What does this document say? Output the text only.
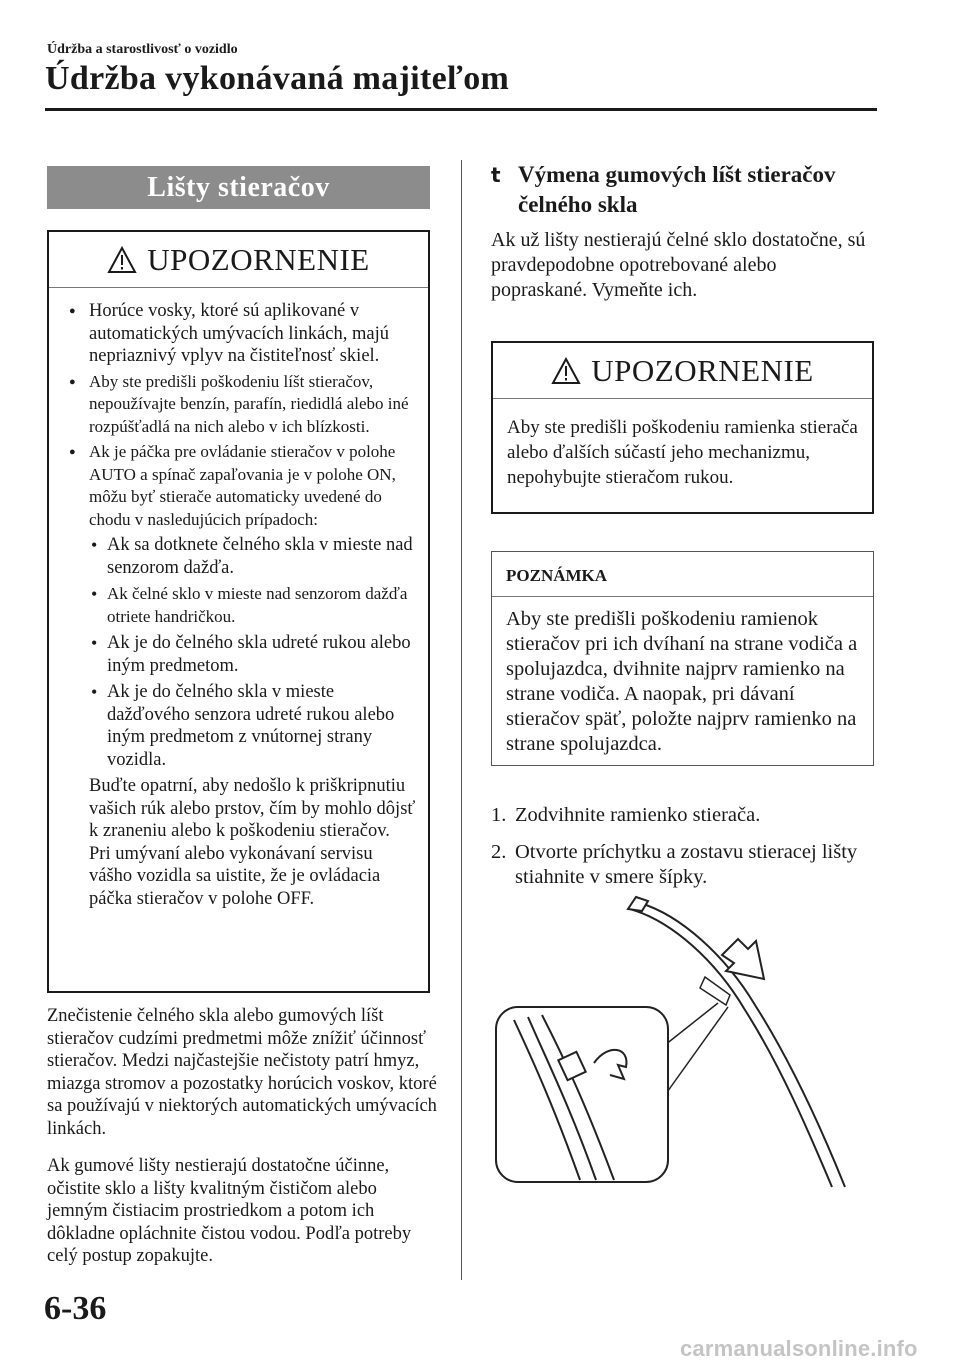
Údržba a starostlivosť o vozidlo
Údržba vykonávaná majiteľom
Lišty stieračov
UPOZORNENIE
● Horúce vosky, ktoré sú aplikované v automatických umývacích linkách, majú nepriaznivý vplyv na čistiteľnosť skiel.
● Aby ste predišli poškodeniu líšt stieračov, nepoužívajte benzín, parafín, riedidlá alebo iné rozpúšťadlá na nich alebo v ich blízkosti.
● Ak je páčka pre ovládanie stieračov v polohe AUTO a spínač zapaľovania je v polohe ON, môžu byť stierače automaticky uvedené do chodu v nasledujúcich prípadoch:
• Ak sa dotknete čelného skla v mieste nad senzorom dažďa.
• Ak čelné sklo v mieste nad senzorom dažďa otriete handričkou.
• Ak je do čelného skla udreté rukou alebo iným predmetom.
• Ak je do čelného skla v mieste dažďového senzora udreté rukou alebo iným predmetom z vnútornej strany vozidla.
Buďte opatrní, aby nedošlo k priškripnutiu vašich rúk alebo prstov, čím by mohlo dôjsť k zraneniu alebo k poškodeniu stieračov. Pri umývaní alebo vykonávaní servisu vášho vozidla sa uistite, že je ovládacia páčka stieračov v polohe OFF.
Znečistenie čelného skla alebo gumových líšt stieračov cudzími predmetmi môže znížiť účinnosť stieračov. Medzi najčastejšie nečistoty patrí hmyz, miazga stromov a pozostatky horúcich voskov, ktoré sa používajú v niektorých automatických umývacích linkách.
Ak gumové lišty nestierajú dostatočne účinne, očistite sklo a lišty kvalitným čističom alebo jemným čistiacim prostriedkom a potom ich dôkladne opláchnite čistou vodou. Podľa potreby celý postup zopakujte.
t Výmena gumových líšt stieračov čelného skla
Ak už lišty nestierajú čelné sklo dostatočne, sú pravdepodobne opotrebované alebo popraskané. Vymeňte ich.
UPOZORNENIE
Aby ste predišli poškodeniu ramienka stierača alebo ďalších súčastí jeho mechanizmu, nepohybujte stieračom rukou.
POZNÁMKA
Aby ste predišli poškodeniu ramienok stieračov pri ich dvíhaní na strane vodiča a spolujazdca, dvihnite najprv ramienko na strane vodiča. A naopak, pri dávaní stieračov späť, položte najprv ramienko na strane spolujazdca.
1. Zodvihnite ramienko stierača.
2. Otvorte príchytku a zostavu stieracej lišty stiahnite v smere šípky.
6-36
carmanualsonline.info
